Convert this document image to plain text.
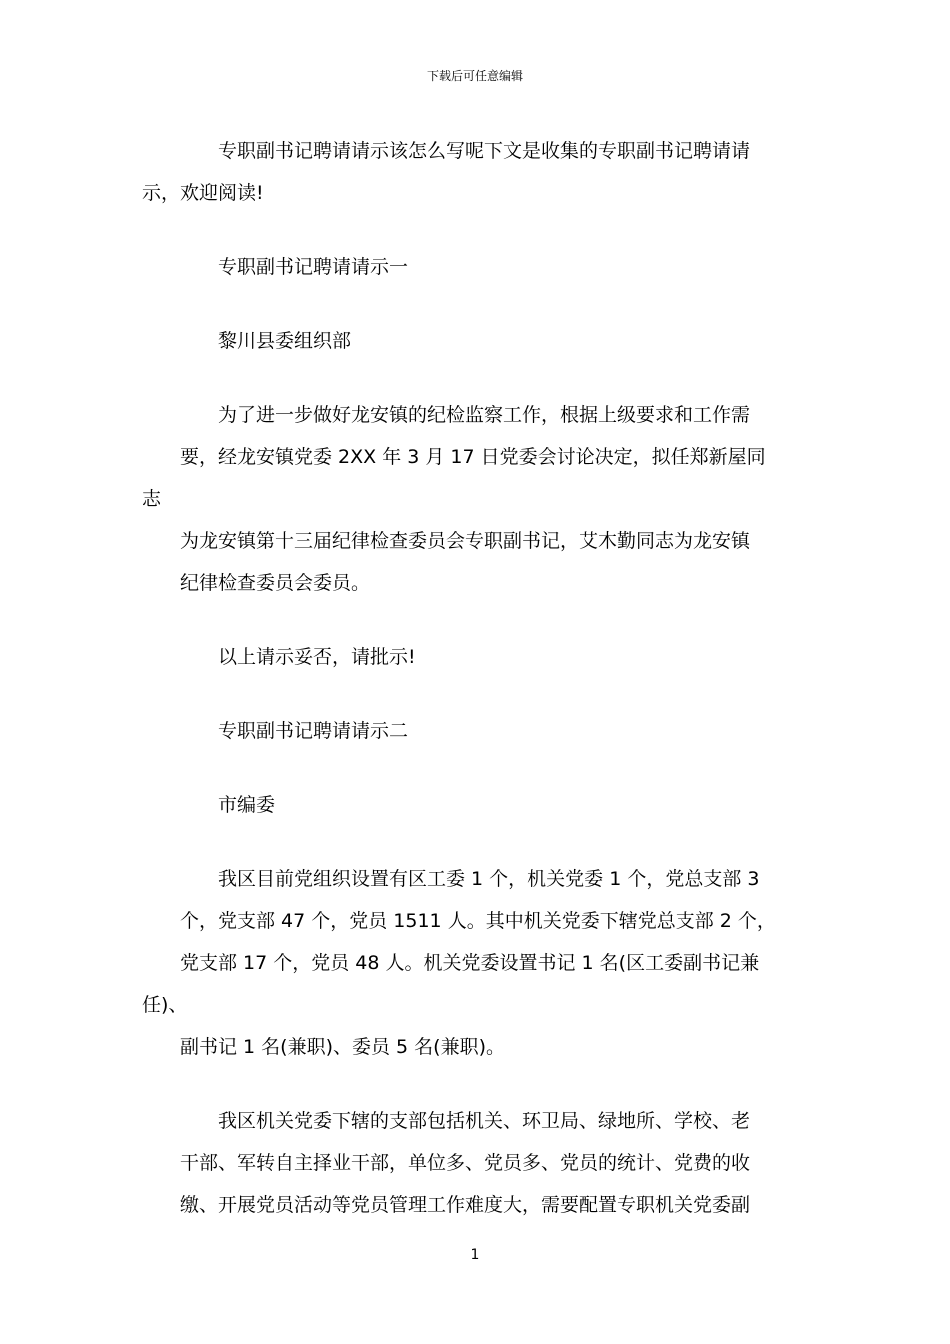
下载后可任意编辑

专职副书记聘请请示该怎么写呢下文是收集的专职副书记聘请请
示，欢迎阅读!

专职副书记聘请请示一

黎川县委组织部

为了进一步做好龙安镇的纪检监察工作，根据上级要求和工作需
要，经龙安镇党委 2XX 年 3 月 17 日党委会讨论决定，拟任郑新屋同志
为龙安镇第十三届纪律检查委员会专职副书记，艾木勤同志为龙安镇
纪律检查委员会委员。

以上请示妥否，请批示!

专职副书记聘请请示二

市编委

我区目前党组织设置有区工委 1 个，机关党委 1 个，党总支部 3
个，党支部 47 个，党员 1511 人。其中机关党委下辖党总支部 2 个，
党支部 17 个，党员 48 人。机关党委设置书记 1 名(区工委副书记兼任)、
副书记 1 名(兼职)、委员 5 名(兼职)。

我区机关党委下辖的支部包括机关、环卫局、绿地所、学校、老
干部、军转自主择业干部，单位多、党员多、党员的统计、党费的收
缴、开展党员活动等党员管理工作难度大，需要配置专职机关党委副

1
